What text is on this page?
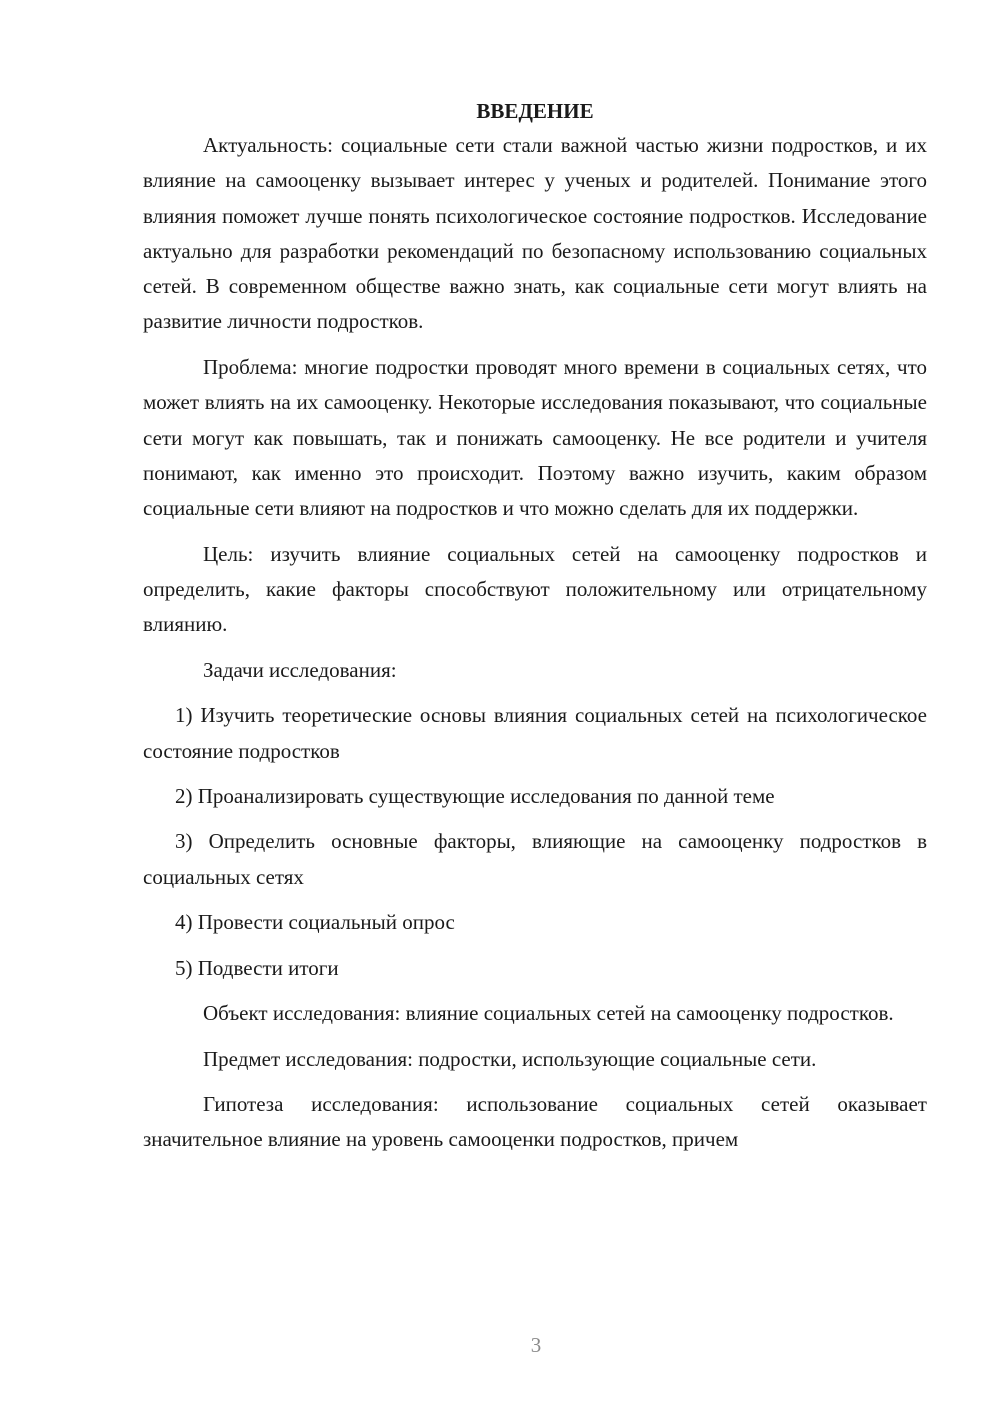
ВВЕДЕНИЕ

Актуальность: социальные сети стали важной частью жизни подростков, и их влияние на самооценку вызывает интерес у ученых и родителей. Понимание этого влияния поможет лучше понять психологическое состояние подростков. Исследование актуально для разработки рекомендаций по безопасному использованию социальных сетей. В современном обществе важно знать, как социальные сети могут влиять на развитие личности подростков.

Проблема: многие подростки проводят много времени в социальных сетях, что может влиять на их самооценку. Некоторые исследования показывают, что социальные сети могут как повышать, так и понижать самооценку. Не все родители и учителя понимают, как именно это происходит. Поэтому важно изучить, каким образом социальные сети влияют на подростков и что можно сделать для их поддержки.

Цель: изучить влияние социальных сетей на самооценку подростков и определить, какие факторы способствуют положительному или отрицательному влиянию.

Задачи исследования:

1) Изучить теоретические основы влияния социальных сетей на психологическое состояние подростков

2) Проанализировать существующие исследования по данной теме

3) Определить основные факторы, влияющие на самооценку подростков в социальных сетях

4) Провести социальный опрос

5) Подвести итоги

Объект исследования: влияние социальных сетей на самооценку подростков.

Предмет исследования: подростки, использующие социальные сети.

Гипотеза исследования: использование социальных сетей оказывает значительное влияние на уровень самооценки подростков, причем

3
